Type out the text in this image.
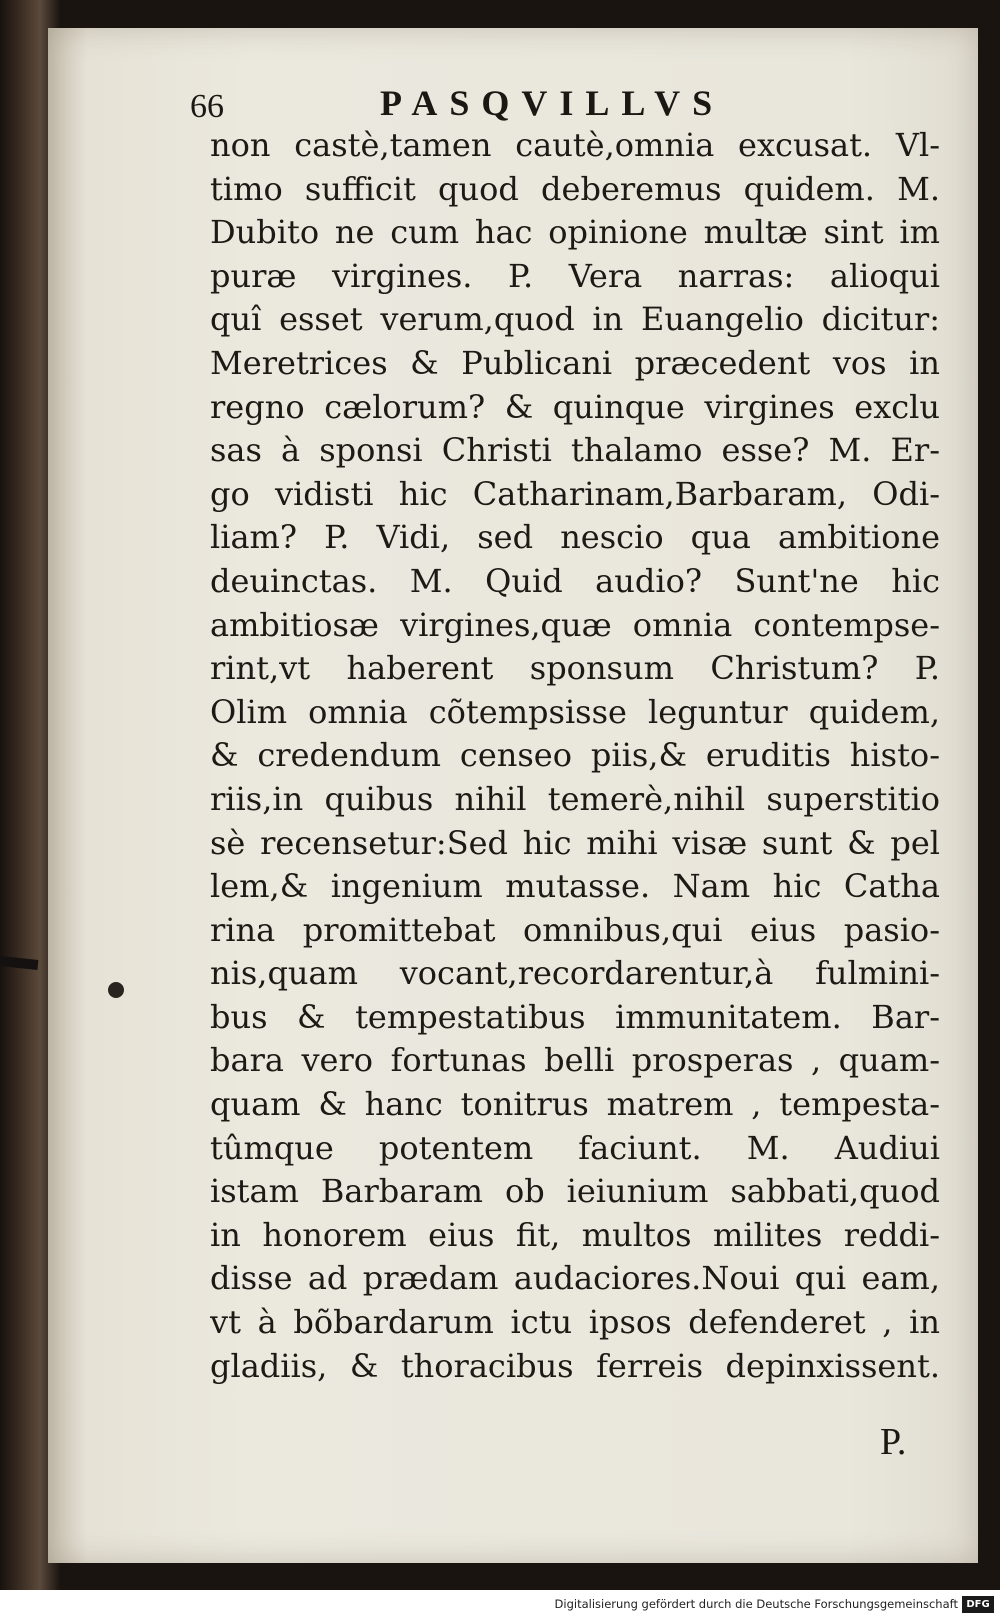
66	PASQVILLVS
non castè,tamen cautè,omnia excusat. Vl-
timo sufficit quod deberemus quidem. M.
Dubito ne cum hac opinione multæ sint im
puræ virgines. P. Vera narras: alioqui
quî esset verum,quod in Euangelio dicitur:
Meretrices & Publicani præcedent vos in
regno cælorum? & quinque virgines exclu
sas à sponsi Christi thalamo esse? M. Er-
go vidisti hic Catharinam,Barbaram, Odi-
liam? P. Vidi, sed nescio qua ambitione
deuinctas. M. Quid audio? Sunt'ne hic
ambitiosæ virgines,quæ omnia contempse-
rint,vt haberent sponsum Christum? P.
Olim omnia cõtempsisse leguntur quidem,
& credendum censeo piis,& eruditis histo-
riis,in quibus nihil temerè,nihil superstitio
sè recensetur:Sed hic mihi visæ sunt & pel
lem,& ingenium mutasse. Nam hic Catha
rina promittebat omnibus,qui eius pasio-
nis,quam vocant,recordarentur,à fulmini-
bus & tempestatibus immunitatem. Bar-
bara vero fortunas belli prosperas , quam-
quam & hanc tonitrus matrem , tempesta-
tûmque potentem faciunt. M. Audiui
istam Barbaram ob ieiunium sabbati,quod
in honorem eius fit, multos milites reddi-
disse ad prædam audaciores.Noui qui eam,
vt à bõbardarum ictu ipsos defenderet , in
gladiis, & thoracibus ferreis depinxissent.
P.
Digitalisierung gefördert durch die Deutsche Forschungsgemeinschaft DFG
